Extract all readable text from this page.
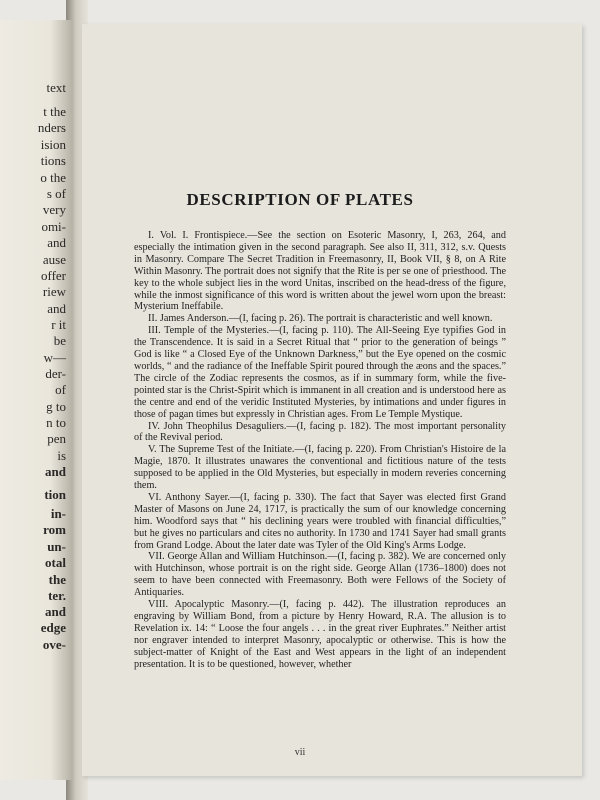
text
t the
nders
ision
tions
o the
s of
very
omi-
and
ause
offer
riew
and
r it
be
w—
der-
of
g to
n to
pen
is
and
tion
in-
rom
un-
otal
the
ter.
and
edge
ove-
DESCRIPTION OF PLATES

I. Vol. I. Frontispiece.—See the section on Esoteric Masonry, I, 263, 264, and especially the intimation given in the second paragraph. See also II, 311, 312, s.v. Quests in Masonry. Compare The Secret Tradition in Freemasonry, II, Book VII, § 8, on A Rite Within Masonry. The portrait does not signify that the Rite is per se one of priesthood. The key to the whole subject lies in the word Unitas, inscribed on the head-dress of the figure, while the inmost significance of this word is written about the jewel worn upon the breast: Mysterium Ineffabile.

II. James Anderson.—(I, facing p. 26). The portrait is characteristic and well known.

III. Temple of the Mysteries.—(I, facing p. 110). The All-Seeing Eye typifies God in the Transcendence. It is said in a Secret Ritual that “ prior to the generation of beings ” God is like “ a Closed Eye of the Unknown Darkness,” but the Eye opened on the cosmic worlds, “ and the radiance of the Ineffable Spirit poured through the æons and the spaces.” The circle of the Zodiac represents the cosmos, as if in summary form, while the five-pointed star is the Christ-Spirit which is immanent in all creation and is understood here as the centre and end of the veridic Instituted Mysteries, by intimations and under figures in those of pagan times but expressly in Christian ages. From Le Temple Mystique.

IV. John Theophilus Desaguliers.—(I, facing p. 182). The most important personality of the Revival period.

V. The Supreme Test of the Initiate.—(I, facing p. 220). From Christian's Histoire de la Magie, 1870. It illustrates unawares the conventional and fictitious nature of the tests supposed to be applied in the Old Mysteries, but especially in modern reveries concerning them.

VI. Anthony Sayer.—(I, facing p. 330). The fact that Sayer was elected first Grand Master of Masons on June 24, 1717, is practically the sum of our knowledge concerning him. Woodford says that “ his declining years were troubled with financial difficulties,” but he gives no particulars and cites no authority. In 1730 and 1741 Sayer had small grants from Grand Lodge. About the later date was Tyler of the Old King's Arms Lodge.

VII. George Allan and William Hutchinson.—(I, facing p. 382). We are concerned only with Hutchinson, whose portrait is on the right side. George Allan (1736–1800) does not seem to have been connected with Freemasonry. Both were Fellows of the Society of Antiquaries.

VIII. Apocalyptic Masonry.—(I, facing p. 442). The illustration reproduces an engraving by William Bond, from a picture by Henry Howard, R.A. The allusion is to Revelation ix. 14: “ Loose the four angels . . . in the great river Euphrates.” Neither artist nor engraver intended to interpret Masonry, apocalyptic or otherwise. This is how the subject-matter of Knight of the East and West appears in the light of an independent presentation. It is to be questioned, however, whether

vii
